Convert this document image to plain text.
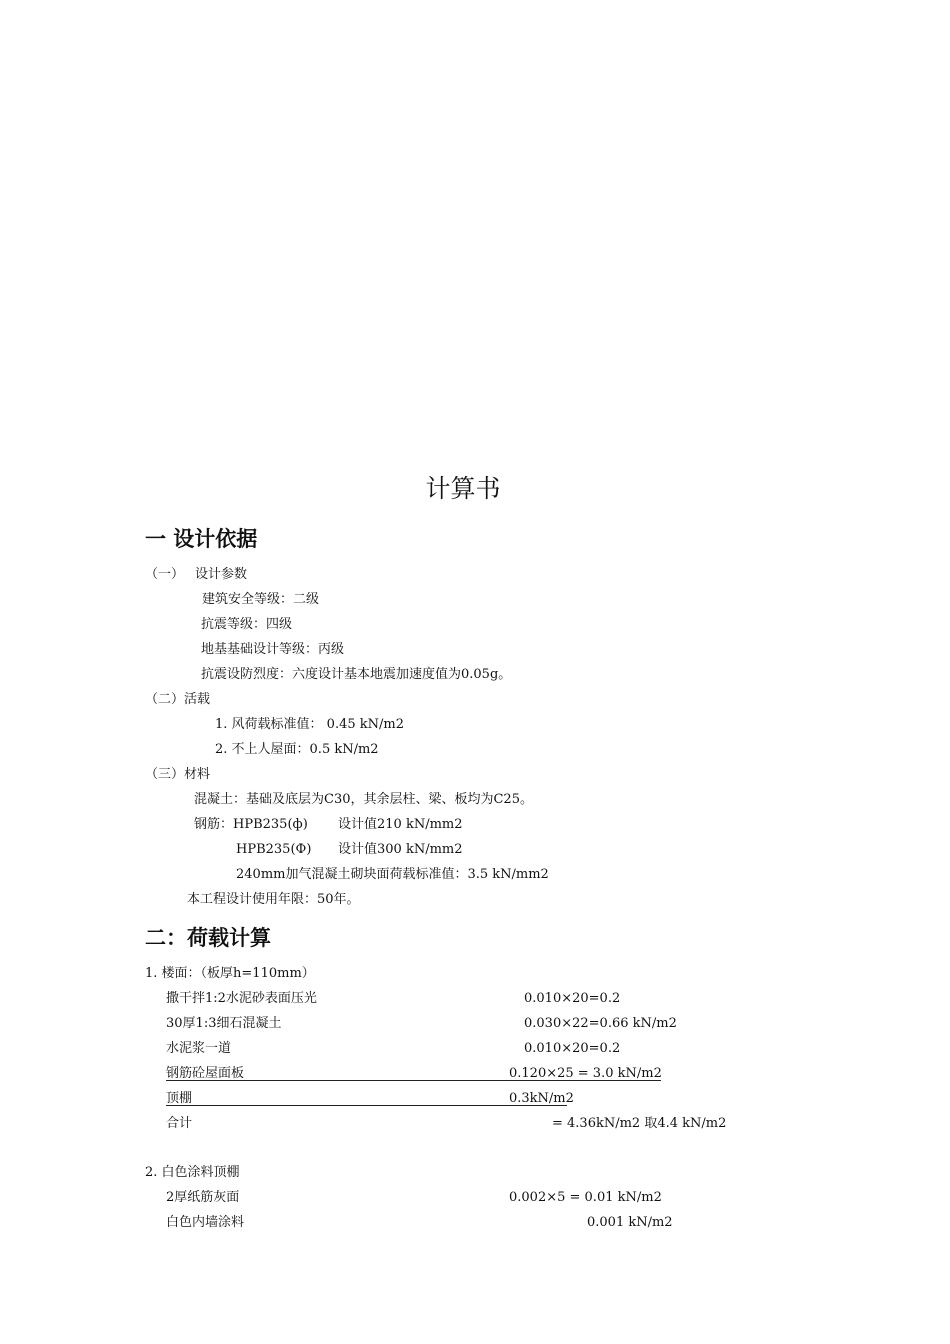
计算书
一 设计依据
（一） 设计参数
建筑安全等级：二级
抗震等级：四级
地基基础设计等级：丙级
抗震设防烈度：六度设计基本地震加速度值为0.05g。
（二）活载
1. 风荷载标准值： 0.45 kN/m2
2. 不上人屋面：0.5 kN/m2
（三）材料
混凝土：基础及底层为C30，其余层柱、梁、板均为C25。
钢筋：HPB235(ф) 设计值210 kN/mm2
HPB235(Ф) 设计值300 kN/mm2
240mm加气混凝土砌块面荷载标准值：3.5 kN/mm2
本工程设计使用年限：50年。
二：荷载计算
1. 楼面：（板厚h=110mm）
撒干拌1:2水泥砂表面压光	0.010×20=0.2
30厚1:3细石混凝土	0.030×22=0.66 kN/m2
水泥浆一道	0.010×20=0.2
钢筋砼屋面板	0.120×25 = 3.0 kN/m2
顶棚	0.3kN/m2
合计	= 4.36kN/m2 取4.4 kN/m2
2. 白色涂料顶棚
2厚纸筋灰面	0.002×5 = 0.01 kN/m2
白色内墙涂料	0.001 kN/m2
